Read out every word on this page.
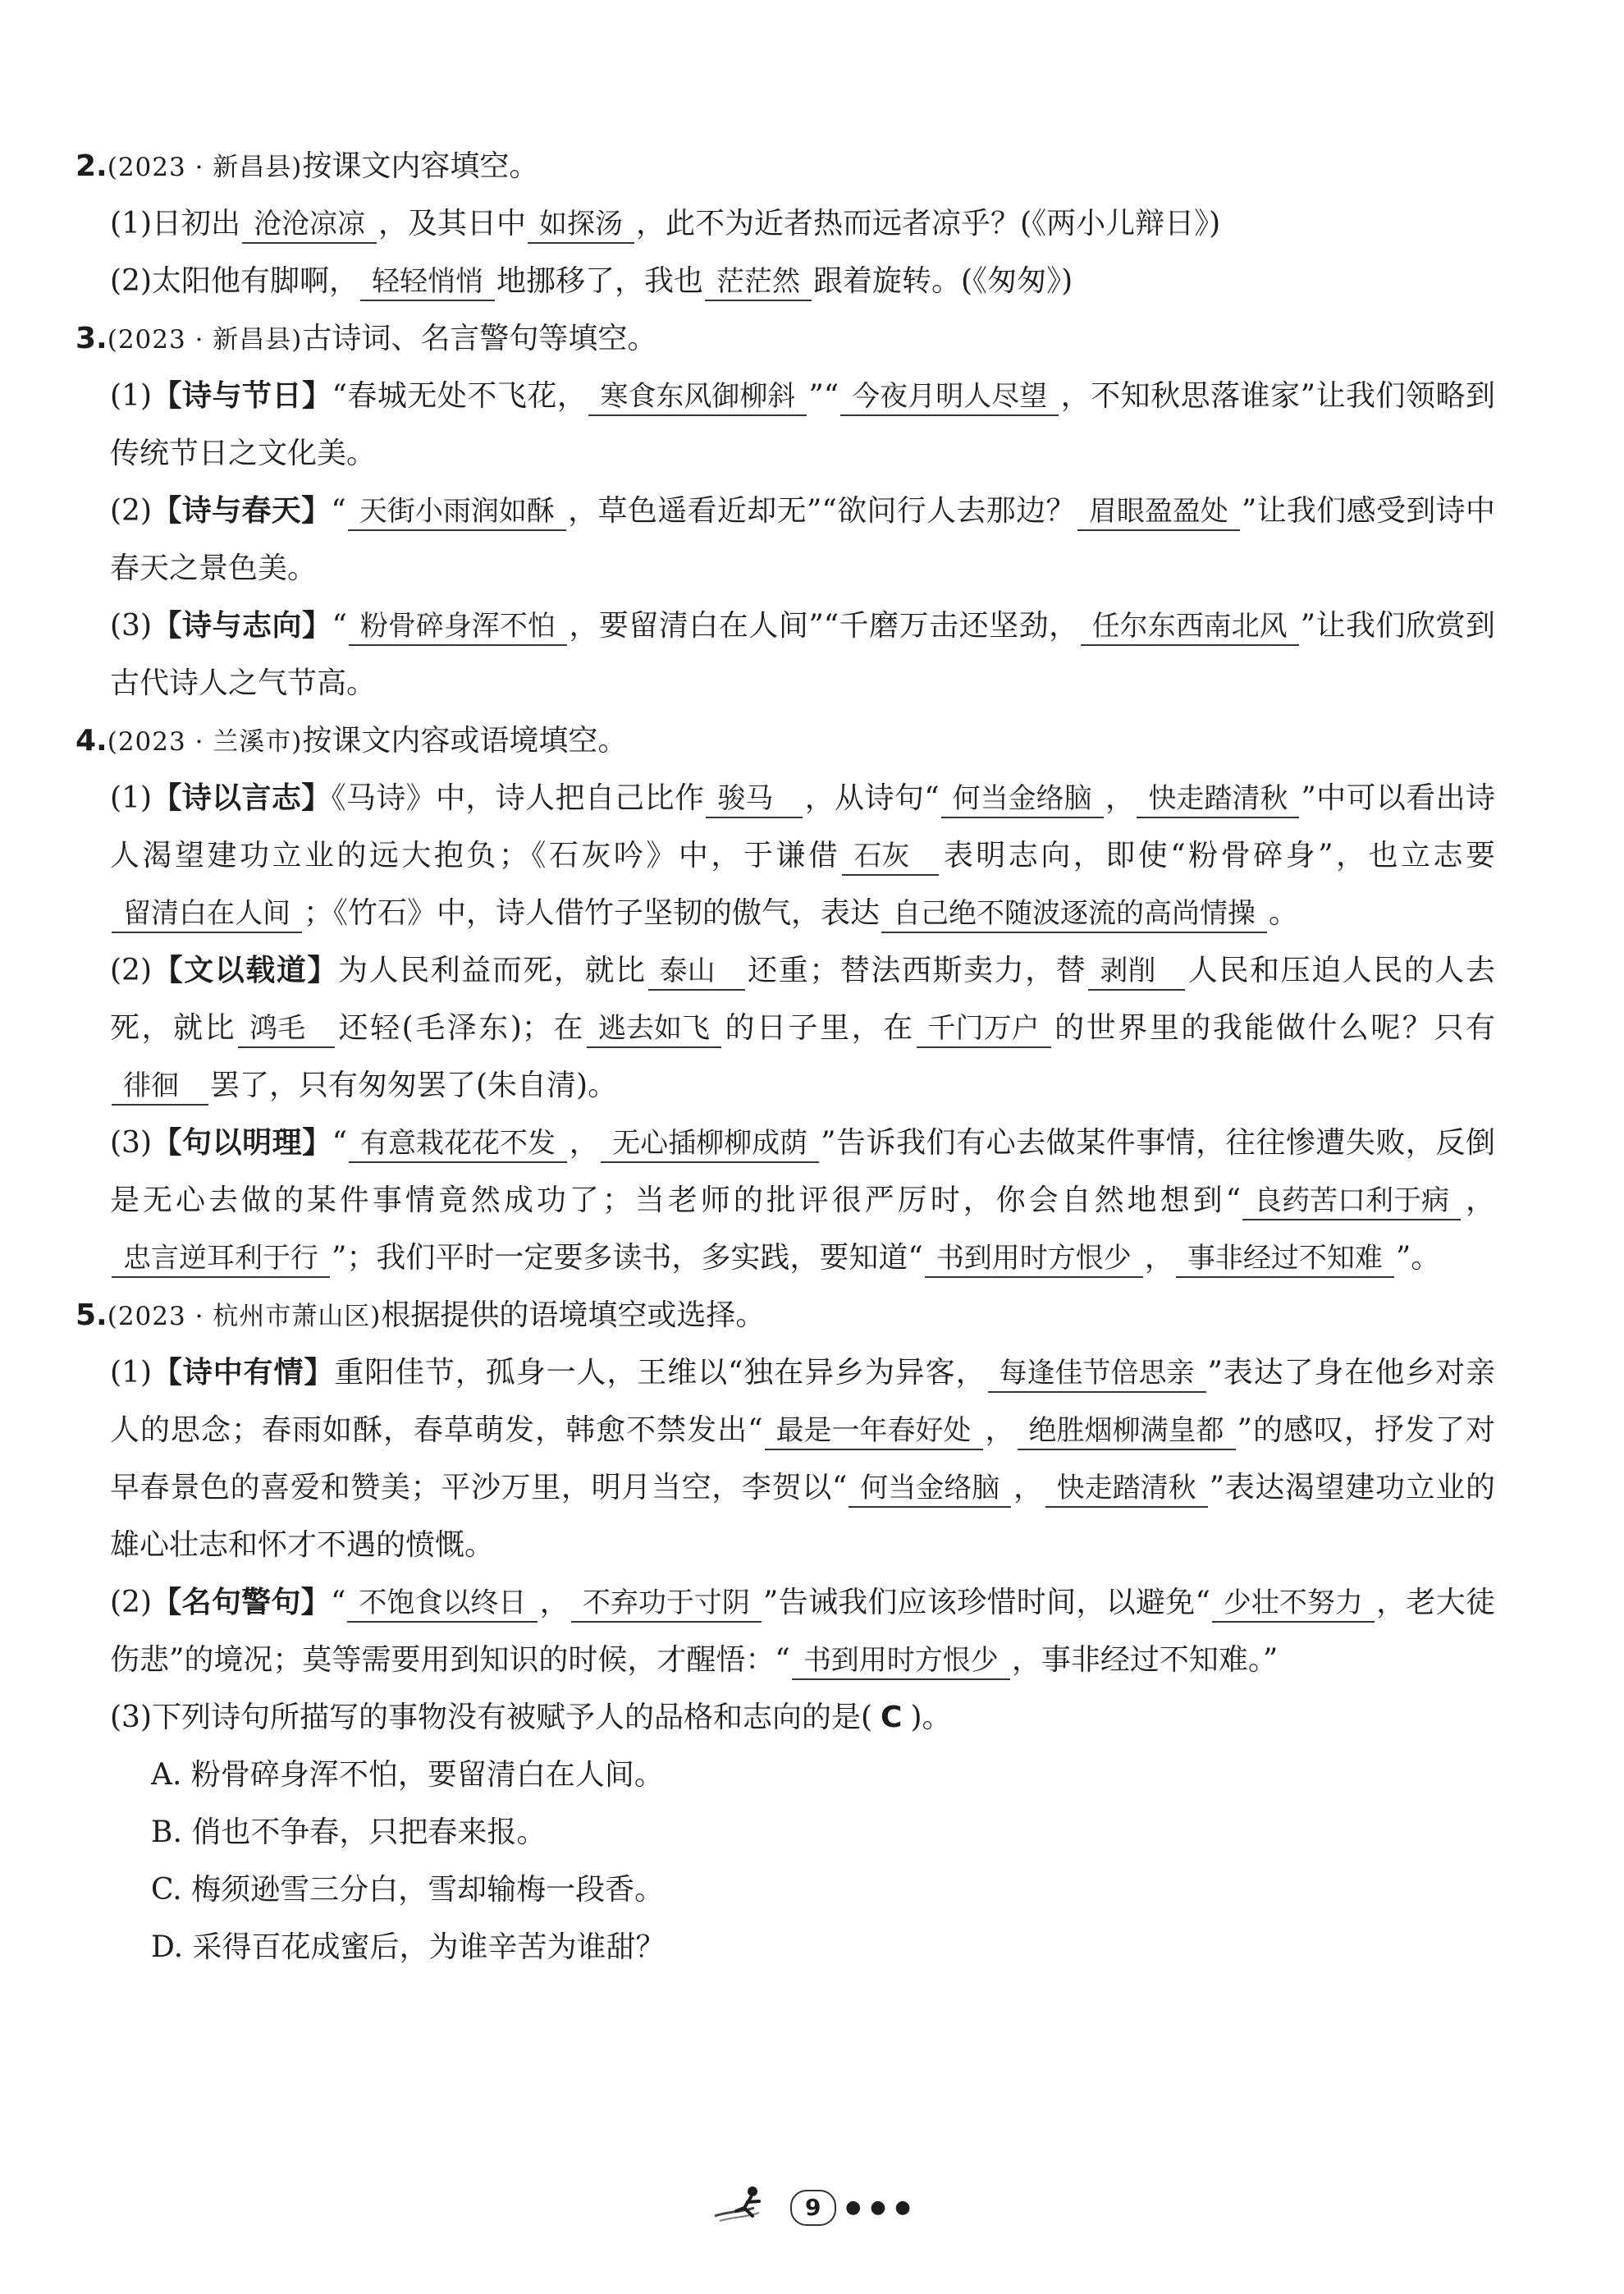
2.(2023 · 新昌县)按课文内容填空。
(1)日初出 沧沧凉凉 ，及其日中 如探汤 ，此不为近者热而远者凉乎？(《两小儿辩日》)
(2)太阳他有脚啊， 轻轻悄悄 地挪移了，我也 茫茫然 跟着旋转。(《匆匆》)
3.(2023 · 新昌县)古诗词、名言警句等填空。
(1)【诗与节日】“春城无处不飞花， 寒食东风御柳斜 ”“ 今夜月明人尽望 ，不知秋思落谁家”让我们领略到传统节日之文化美。
(2)【诗与春天】“ 天街小雨润如酥 ，草色遥看近却无”“欲问行人去那边？ 眉眼盈盈处 ”让我们感受到诗中春天之景色美。
(3)【诗与志向】“ 粉骨碎身浑不怕 ，要留清白在人间”“千磨万击还坚劲， 任尔东西南北风 ”让我们欣赏到古代诗人之气节高。
4.(2023 · 兰溪市)按课文内容或语境填空。
(1)【诗以言志】《马诗》中，诗人把自己比作 骏马 ，从诗句“ 何当金络脑 ， 快走踏清秋 ”中可以看出诗人渴望建功立业的远大抱负；《石灰吟》中，于谦借 石灰 表明志向，即使“粉骨碎身”，也立志要留清白在人间 ；《竹石》中，诗人借竹子坚韧的傲气，表达 自己绝不随波逐流的高尚情操 。
(2)【文以载道】为人民利益而死，就比 泰山 还重；替法西斯卖力，替 剥削 人民和压迫人民的人去死，就比 鸿毛 还轻(毛泽东)；在 逃去如飞 的日子里，在 千门万户 的世界里的我能做什么呢？只有徘徊 罢了，只有匆匆罢了(朱自清)。
(3)【句以明理】“ 有意栽花花不发 ， 无心插柳柳成荫 ”告诉我们有心去做某件事情，往往惨遭失败，反倒是无心去做的某件事情竟然成功了；当老师的批评很严厉时，你会自然地想到“ 良药苦口利于病 ，忠言逆耳利于行 ”；我们平时一定要多读书，多实践，要知道“ 书到用时方恨少 ， 事非经过不知难 ”。
5.(2023 · 杭州市萧山区)根据提供的语境填空或选择。
(1)【诗中有情】重阳佳节，孤身一人，王维以“独在异乡为异客， 每逢佳节倍思亲 ”表达了身在他乡对亲人的思念；春雨如酥，春草萌发，韩愈不禁发出“ 最是一年春好处 ， 绝胜烟柳满皇都 ”的感叹，抒发了对早春景色的喜爱和赞美；平沙万里，明月当空，李贺以“ 何当金络脑 ， 快走踏清秋 ”表达渴望建功立业的雄心壮志和怀才不遇的愤慨。
(2)【名句警句】“ 不饱食以终日 ， 不弃功于寸阴 ”告诫我们应该珍惜时间，以避免“ 少壮不努力 ，老大徒伤悲”的境况；莫等需要用到知识的时候，才醒悟：“ 书到用时方恨少 ，事非经过不知难。”
(3)下列诗句所描写的事物没有被赋予人的品格和志向的是( C )。
A. 粉骨碎身浑不怕，要留清白在人间。
B. 俏也不争春，只把春来报。
C. 梅须逊雪三分白，雪却输梅一段香。
D. 采得百花成蜜后，为谁辛苦为谁甜？
9 ● ● ●
